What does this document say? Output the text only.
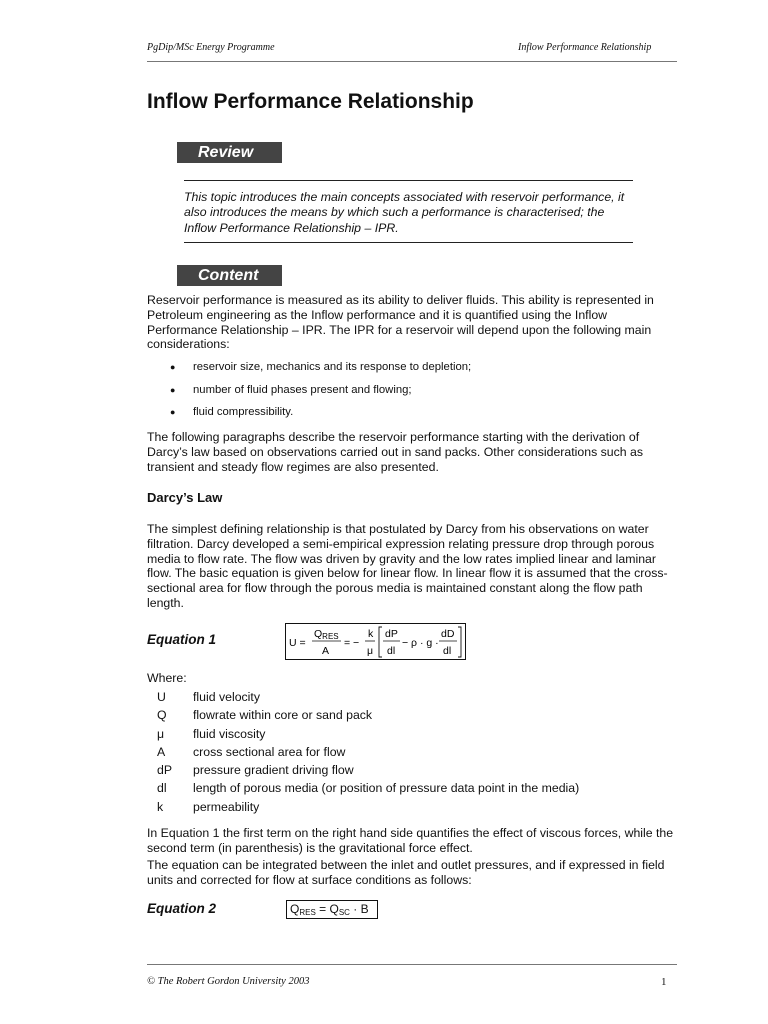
PgDip/MSc Energy Programme	Inflow Performance Relationship
Inflow Performance Relationship
Review

This topic introduces the main concepts associated with reservoir performance, it also introduces the means by which such a performance is characterised; the Inflow Performance Relationship – IPR.

Content

Reservoir performance is measured as its ability to deliver fluids. This ability is represented in Petroleum engineering as the Inflow performance and it is quantified using the Inflow Performance Relationship – IPR. The IPR for a reservoir will depend upon the following main considerations:

● reservoir size, mechanics and its response to depletion;
● number of fluid phases present and flowing;
● fluid compressibility.

The following paragraphs describe the reservoir performance starting with the derivation of Darcy’s law based on observations carried out in sand packs. Other considerations such as transient and steady flow regimes are also presented.

Darcy’s Law

The simplest defining relationship is that postulated by Darcy from his observations on water filtration. Darcy developed a semi-empirical expression relating pressure drop through porous media to flow rate. The flow was driven by gravity and the low rates implied linear and laminar flow. The basic equation is given below for linear flow. In linear flow it is assumed that the cross-sectional area for flow through the porous media is maintained constant along the flow path length.

Equation 1	U =
QRES
A
= −
k
μ
dP
dl
− ρ · g ·
dD
dl
Where:
U fluid velocity
Q flowrate within core or sand pack
μ fluid viscosity
A cross sectional area for flow
dP pressure gradient driving flow
dl length of porous media (or position of pressure data point in the media)
k permeability

In Equation 1 the first term on the right hand side quantifies the effect of viscous forces, while the second term (in parenthesis) is the gravitational force effect.

The equation can be integrated between the inlet and outlet pressures, and if expressed in field units and corrected for flow at surface conditions as follows:

Equation 2	QRES = QSC · B
© The Robert Gordon University 2003	1
